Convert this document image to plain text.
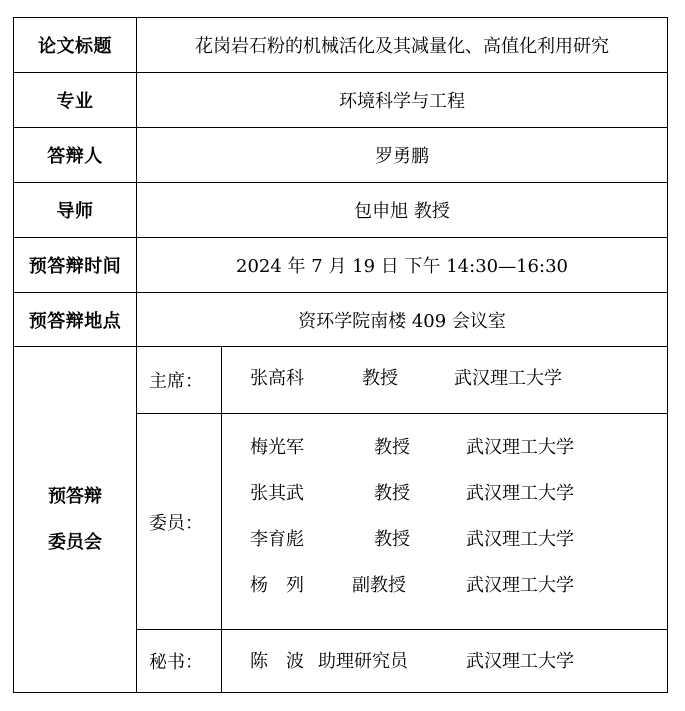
论文标题	花岗岩石粉的机械活化及其减量化、高值化利用研究
专业	环境科学与工程
答辩人	罗勇鹏
导师	包申旭 教授
预答辩时间	2024 年 7 月 19 日 下午 14:30—16:30
预答辩地点	资环学院南楼 409 会议室
预答辩
委员会
主席：	张高科	教授	武汉理工大学
委员：
梅光军	教授	武汉理工大学
张其武	教授	武汉理工大学
李育彪	教授	武汉理工大学
杨　列	副教授	武汉理工大学
秘书：	陈　波 助理研究员	武汉理工大学
